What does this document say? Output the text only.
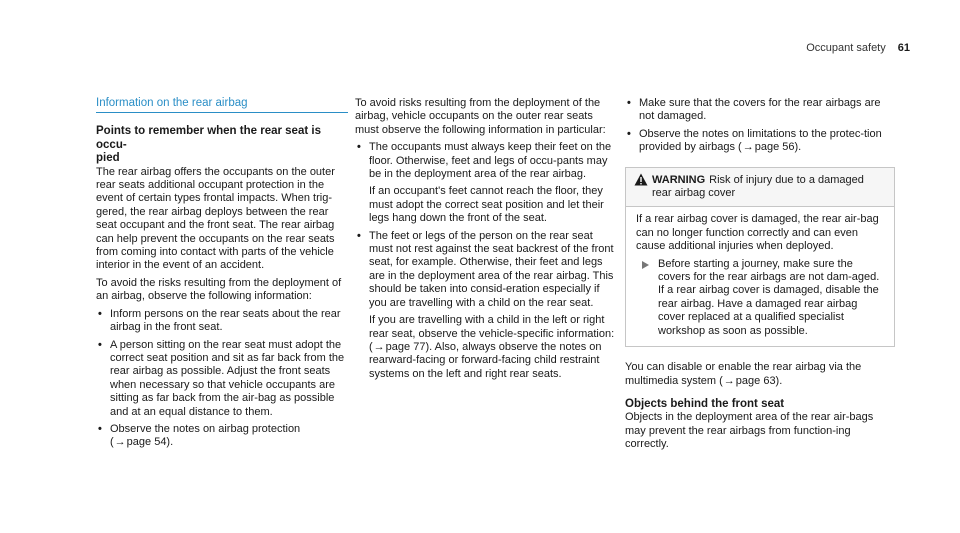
Occupant safety 61
Information on the rear airbag
Points to remember when the rear seat is occu-
pied

The rear airbag offers the occupants on the outer rear seats additional occupant protection in the event of certain types frontal impacts. When trig-gered, the rear airbag deploys between the rear seat occupant and the front seat. The rear airbag can help prevent the occupants on the rear seats from coming into contact with parts of the vehicle interior in the event of an accident.

To avoid the risks resulting from the deployment of an airbag, observe the following information:

• Inform persons on the rear seats about the rear airbag in the front seat.
• A person sitting on the rear seat must adopt the correct seat position and sit as far back from the rear airbag as possible. Adjust the front seats when necessary so that vehicle occupants are sitting as far back from the air-bag as possible and at an equal distance to them.
• Observe the notes on airbag protection
(→page 54).

To avoid risks resulting from the deployment of the airbag, vehicle occupants on the outer rear seats must observe the following information in particular:

• The occupants must always keep their feet on the floor. Otherwise, feet and legs of occu-pants may be in the deployment area of the rear airbag.

If an occupant's feet cannot reach the floor, they must adopt the correct seat position and let their legs hang down the front of the seat.

• The feet or legs of the person on the rear seat must not rest against the seat backrest of the front seat, for example. Otherwise, their feet and legs are in the deployment area of the rear airbag. This should be taken into consid-eration especially if you are travelling with a child on the rear seat.

If you are travelling with a child in the left or right rear seat, observe the vehicle-specific information: (→page 77). Also, always observe the notes on rearward-facing or forward-facing child restraint systems on the left and right rear seats.

• Make sure that the covers for the rear airbags are not damaged.
• Observe the notes on limitations to the protec-tion provided by airbags (→page 56).
WARNING Risk of injury due to a damaged rear airbag cover

If a rear airbag cover is damaged, the rear air-bag can no longer function correctly and can even cause additional injuries when deployed.

Before starting a journey, make sure the covers for the rear airbags are not dam-aged. If a rear airbag cover is damaged, disable the rear airbag. Have a damaged rear airbag cover replaced at a qualified specialist workshop as soon as possible.

You can disable or enable the rear airbag via the multimedia system (→page 63).

Objects behind the front seat

Objects in the deployment area of the rear air-bags may prevent the rear airbags from function-ing correctly.
